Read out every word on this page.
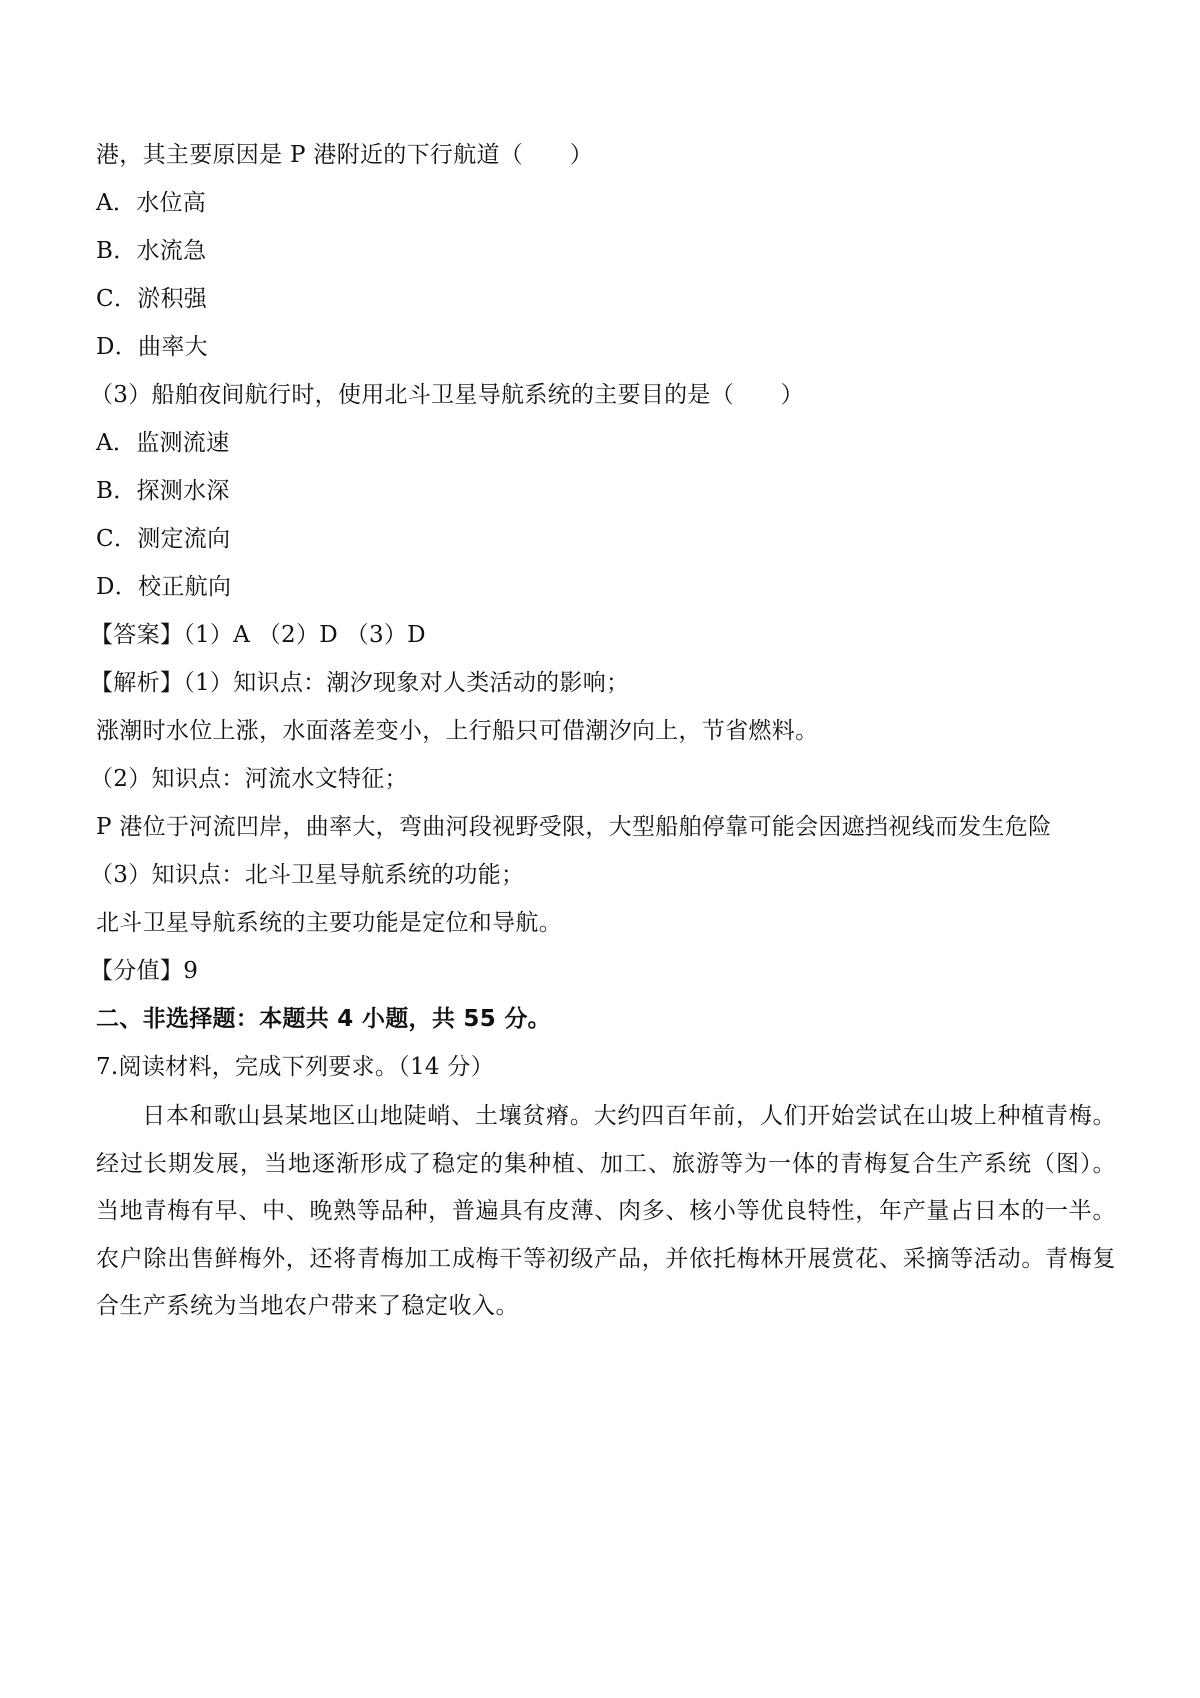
港，其主要原因是 P 港附近的下行航道（　　）
A．水位高
B．水流急
C．淤积强
D．曲率大
（3）船舶夜间航行时，使用北斗卫星导航系统的主要目的是（　　）
A．监测流速
B．探测水深
C．测定流向
D．校正航向
【答案】（1）A （2）D （3）D
【解析】（1）知识点：潮汐现象对人类活动的影响；
涨潮时水位上涨，水面落差变小，上行船只可借潮汐向上，节省燃料。
（2）知识点：河流水文特征；
P 港位于河流凹岸，曲率大，弯曲河段视野受限，大型船舶停靠可能会因遮挡视线而发生危险
（3）知识点：北斗卫星导航系统的功能；
北斗卫星导航系统的主要功能是定位和导航。
【分值】9
二、非选择题：本题共 4 小题，共 55 分。
7.阅读材料，完成下列要求。（14 分）
日本和歌山县某地区山地陡峭、土壤贫瘠。大约四百年前，人们开始尝试在山坡上种植青梅。经过长期发展，当地逐渐形成了稳定的集种植、加工、旅游等为一体的青梅复合生产系统（图）。当地青梅有早、中、晚熟等品种，普遍具有皮薄、肉多、核小等优良特性，年产量占日本的一半。农户除出售鲜梅外，还将青梅加工成梅干等初级产品，并依托梅林开展赏花、采摘等活动。青梅复合生产系统为当地农户带来了稳定收入。
